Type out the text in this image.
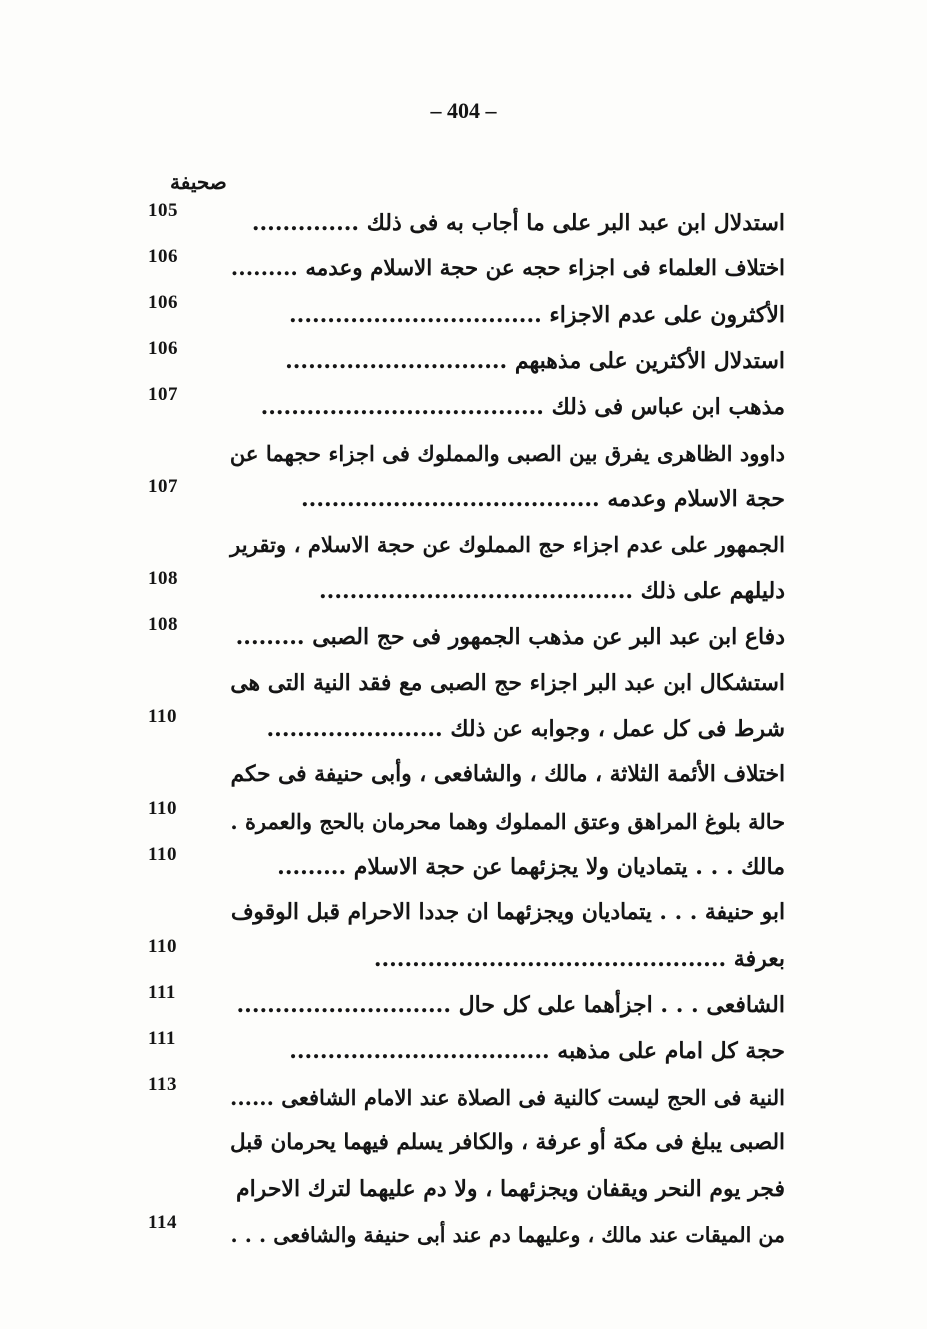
– 404 –
صحيفة
استدلال ابن عبد البر على ما أجاب به فى ذلك ..............
105
اختلاف العلماء فى اجزاء حجه عن حجة الاسلام وعدمه .........
106
الأكثرون على عدم الاجزاء .................................
106
استدلال الأكثرين على مذهبهم .............................
106
مذهب ابن عباس فى ذلك .....................................
107
داوود الظاهرى يفرق بين الصبى والمملوك فى اجزاء حجهما عن
حجة الاسلام وعدمه .......................................
107
الجمهور على عدم اجزاء حج المملوك عن حجة الاسلام ، وتقرير
دليلهم على ذلك .........................................
108
دفاع ابن عبد البر عن مذهب الجمهور فى حج الصبى .........
108
استشكال ابن عبد البر اجزاء حج الصبى مع فقد النية التى هى
شرط فى كل عمل ، وجوابه عن ذلك .......................
110
اختلاف الأئمة الثلاثة ، مالك ، والشافعى ، وأبى حنيفة فى حكم
حالة بلوغ المراهق وعتق المملوك وهما محرمان بالحج والعمرة .
110
مالك . . . يتماديان ولا يجزئهما عن حجة الاسلام .........
110
ابو حنيفة . . . يتماديان ويجزئهما ان جددا الاحرام قبل الوقوف
بعرفة ..............................................
110
الشافعى . . . اجزأهما على كل حال ............................
111
حجة كل امام على مذهبه ..................................
111
النية فى الحج ليست كالنية فى الصلاة عند الامام الشافعى ......
113
الصبى يبلغ فى مكة أو عرفة ، والكافر يسلم فيهما يحرمان قبل
فجر يوم النحر ويقفان ويجزئهما ، ولا دم عليهما لترك الاحرام
من الميقات عند مالك ، وعليهما دم عند أبى حنيفة والشافعى . . .
114
